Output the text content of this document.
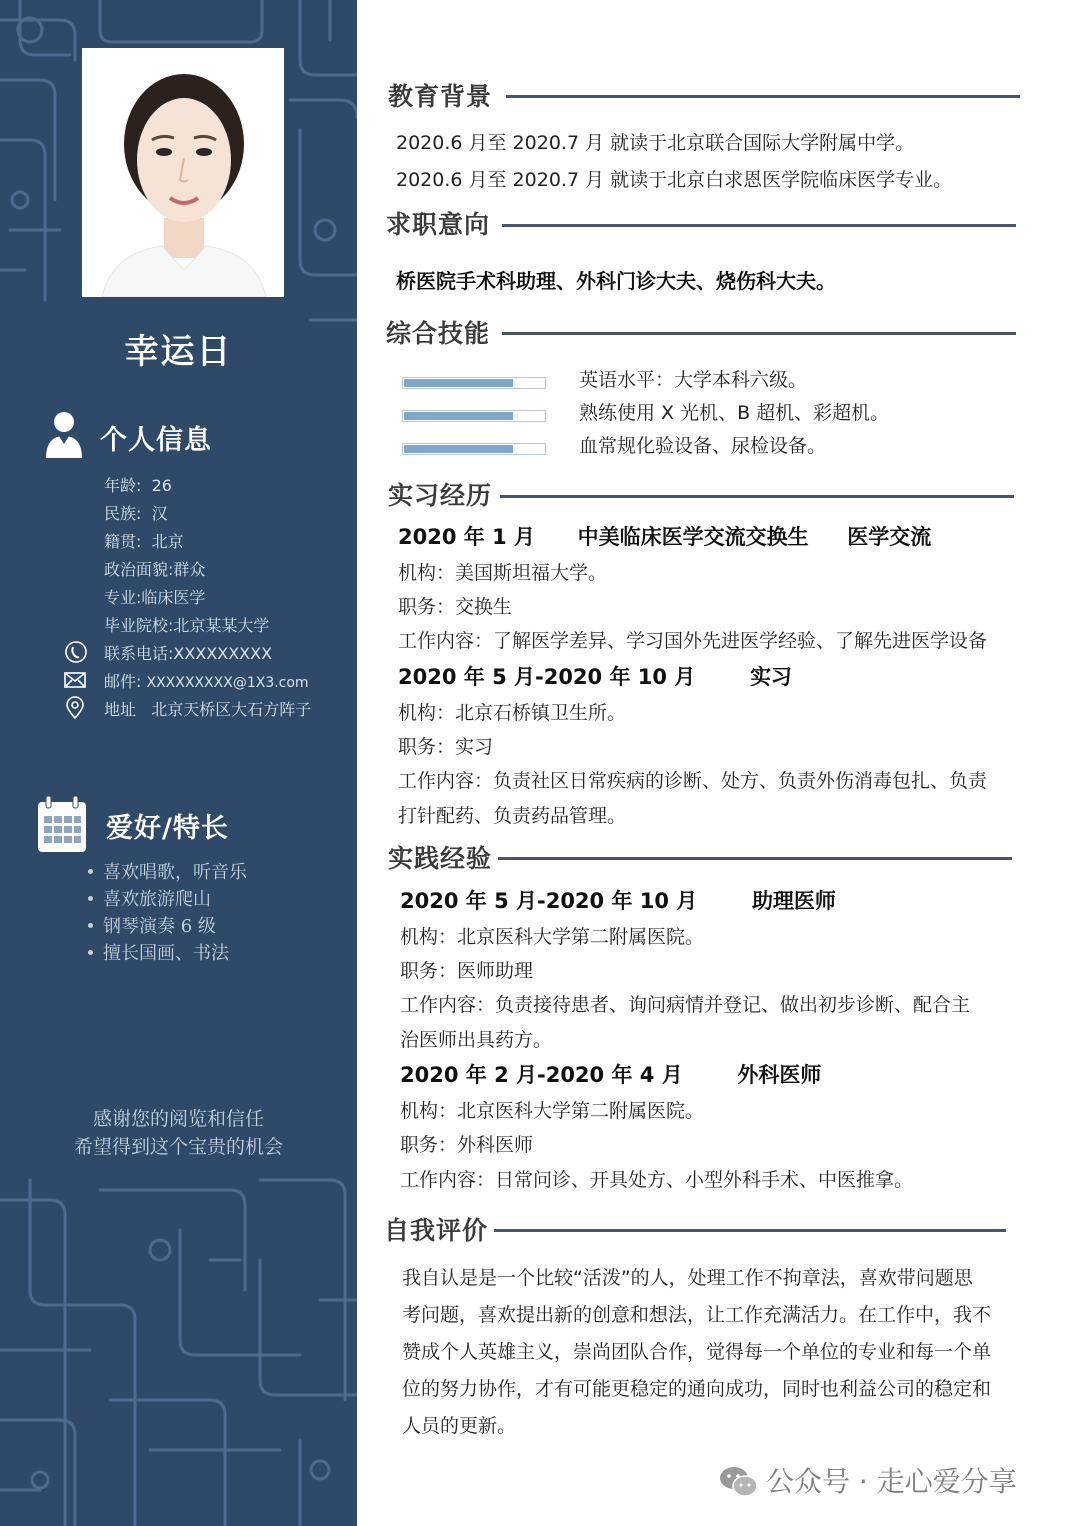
幸运日
个人信息
年龄: 26
民族: 汉
籍贯: 北京
政治面貌:群众
专业:临床医学
毕业院校:北京某某大学
联系电话:XXXXXXXXX
邮件: XXXXXXXXX@1X3.com
地址 北京天桥区大石方阵子
爱好/特长
喜欢唱歌，听音乐
喜欢旅游爬山
钢琴演奏 6 级
擅长国画、书法
感谢您的阅览和信任
希望得到这个宝贵的机会
教育背景
2020.6 月至 2020.7 月 就读于北京联合国际大学附属中学。
2020.6 月至 2020.7 月 就读于北京白求恩医学院临床医学专业。
求职意向
桥医院手术科助理、外科门诊大夫、烧伤科大夫。
综合技能
英语水平：大学本科六级。
熟练使用 X 光机、B 超机、彩超机。
血常规化验设备、尿检设备。
实习经历
2020 年 1 月 中美临床医学交流交换生 医学交流
机构：美国斯坦福大学。
职务：交换生
工作内容：了解医学差异、学习国外先进医学经验、了解先进医学设备
2020 年 5 月-2020 年 10 月	实习
机构：北京石桥镇卫生所。
职务：实习
工作内容：负责社区日常疾病的诊断、处方、负责外伤消毒包扎、负责
打针配药、负责药品管理。
实践经验
2020 年 5 月-2020 年 10 月	助理医师
机构：北京医科大学第二附属医院。
职务：医师助理
工作内容：负责接待患者、询问病情并登记、做出初步诊断、配合主
治医师出具药方。
2020 年 2 月-2020 年 4 月	外科医师
机构：北京医科大学第二附属医院。
职务：外科医师
工作内容：日常问诊、开具处方、小型外科手术、中医推拿。
自我评价
我自认是是一个比较“活泼”的人，处理工作不拘章法，喜欢带问题思
考问题，喜欢提出新的创意和想法，让工作充满活力。在工作中，我不
赞成个人英雄主义，崇尚团队合作，觉得每一个单位的专业和每一个单
位的努力协作，才有可能更稳定的通向成功，同时也利益公司的稳定和
人员的更新。
公众号 · 走心爱分享
